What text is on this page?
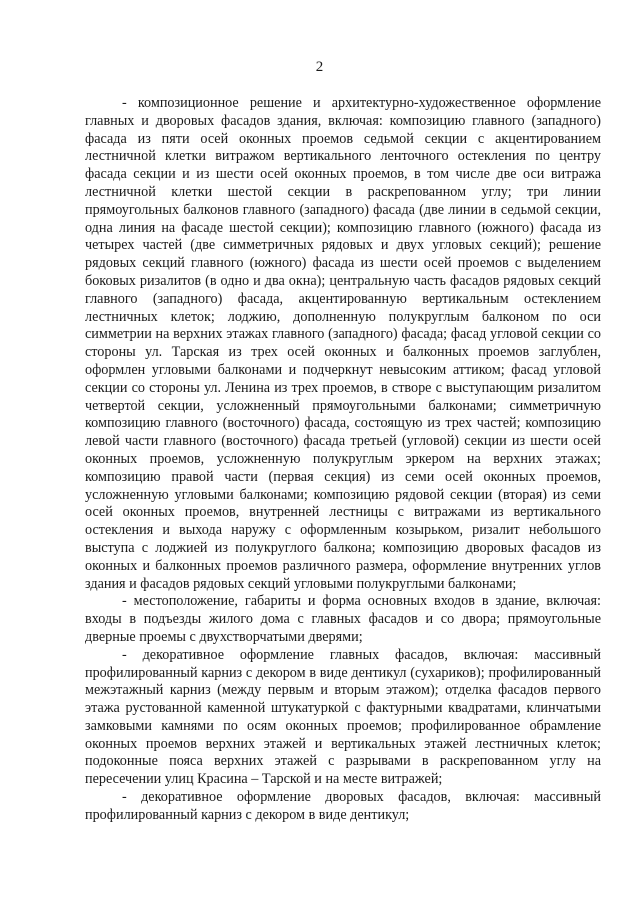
2

- композиционное решение и архитектурно-художественное оформление главных и дворовых фасадов здания, включая: композицию главного (западного) фасада из пяти осей оконных проемов седьмой секции с акцентированием лестничной клетки витражом вертикального ленточного остекления по центру фасада секции и из шести осей оконных проемов, в том числе две оси витража лестничной клетки шестой секции в раскрепованном углу; три линии прямоугольных балконов главного (западного) фасада (две линии в седьмой секции, одна линия на фасаде шестой секции); композицию главного (южного) фасада из четырех частей (две симметричных рядовых и двух угловых секций); решение рядовых секций главного (южного) фасада из шести осей проемов с выделением боковых ризалитов (в одно и два окна); центральную часть фасадов рядовых секций главного (западного) фасада, акцентированную вертикальным остеклением лестничных клеток; лоджию, дополненную полукруглым балконом по оси симметрии на верхних этажах главного (западного) фасада; фасад угловой секции со стороны ул. Тарская из трех осей оконных и балконных проемов заглублен, оформлен угловыми балконами и подчеркнут невысоким аттиком; фасад угловой секции со стороны ул. Ленина из трех проемов, в створе с выступающим ризалитом четвертой секции, усложненный прямоугольными балконами; симметричную композицию главного (восточного) фасада, состоящую из трех частей; композицию левой части главного (восточного) фасада третьей (угловой) секции из шести осей оконных проемов, усложненную полукруглым эркером на верхних этажах; композицию правой части (первая секция) из семи осей оконных проемов, усложненную угловыми балконами; композицию рядовой секции (вторая) из семи осей оконных проемов, внутренней лестницы с витражами из вертикального остекления и выхода наружу с оформленным козырьком, ризалит небольшого выступа с лоджией из полукруглого балкона; композицию дворовых фасадов из оконных и балконных проемов различного размера, оформление внутренних углов здания и фасадов рядовых секций угловыми полукруглыми балконами;

- местоположение, габариты и форма основных входов в здание, включая: входы в подъезды жилого дома с главных фасадов и со двора; прямоугольные дверные проемы с двухстворчатыми дверями;

- декоративное оформление главных фасадов, включая: массивный профилированный карниз с декором в виде дентикул (сухариков); профилированный межэтажный карниз (между первым и вторым этажом); отделка фасадов первого этажа рустованной каменной штукатуркой с фактурными квадратами, клинчатыми замковыми камнями по осям оконных проемов; профилированное обрамление оконных проемов верхних этажей и вертикальных этажей лестничных клеток; подоконные пояса верхних этажей с разрывами в раскрепованном углу на пересечении улиц Красина – Тарской и на месте витражей;

- декоративное оформление дворовых фасадов, включая: массивный профилированный карниз с декором в виде дентикул;
